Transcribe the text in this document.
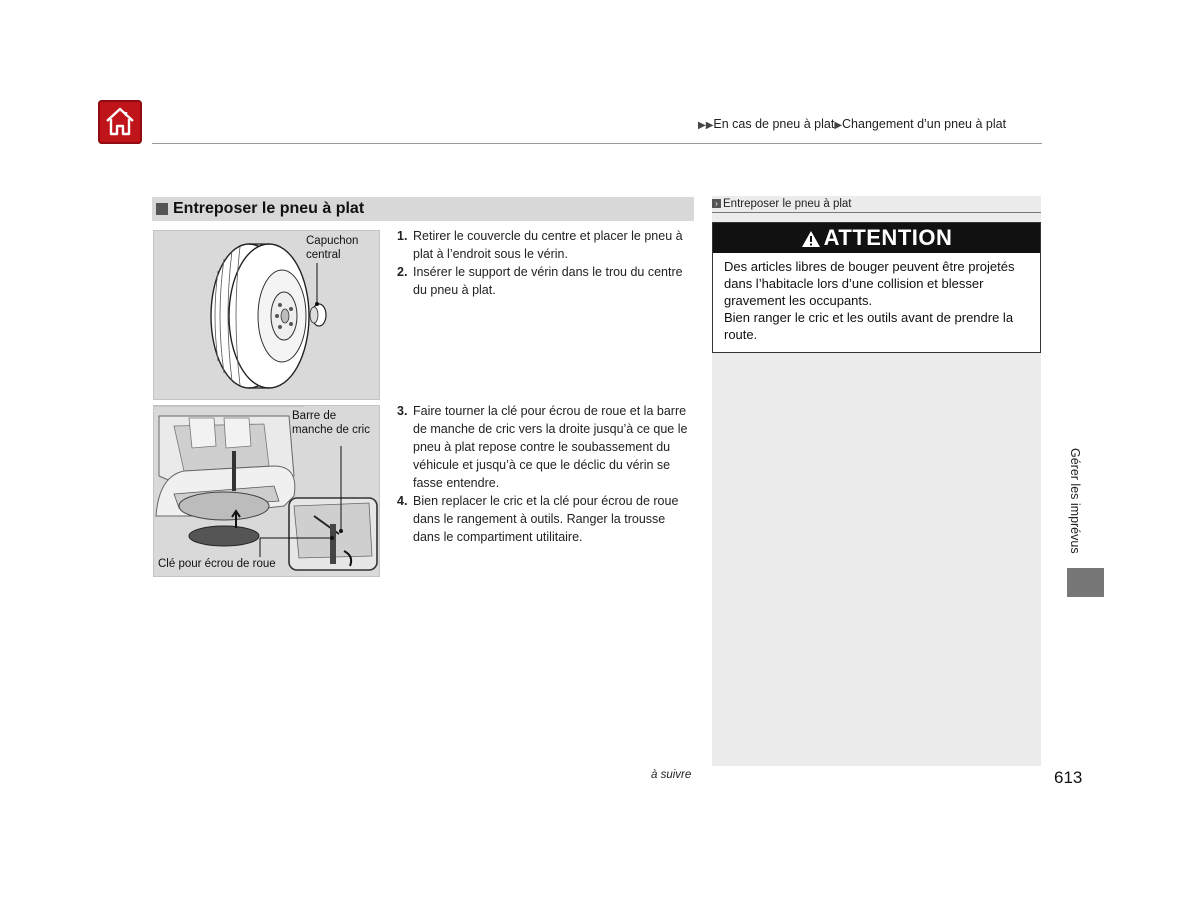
▶▶En cas de pneu à plat▶Changement d’un pneu à plat
Entreposer le pneu à plat
Capuchon
central
Barre de
manche de cric
Clé pour écrou de roue
1. Retirer le couvercle du centre et placer le pneu à plat à l’endroit sous le vérin.
2. Insérer le support de vérin dans le trou du centre du pneu à plat.
3. Faire tourner la clé pour écrou de roue et la barre de manche de cric vers la droite jusqu’à ce que le pneu à plat repose contre le soubassement du véhicule et jusqu’à ce que le déclic du vérin se fasse entendre.
4. Bien replacer le cric et la clé pour écrou de roue dans le rangement à outils. Ranger la trousse dans le compartiment utilitaire.
› Entreposer le pneu à plat
ATTENTION
Des articles libres de bouger peuvent être projetés dans l’habitacle lors d’une collision et blesser gravement les occupants.
Bien ranger le cric et les outils avant de prendre la route.
Gérer les imprévus
à suivre	613
